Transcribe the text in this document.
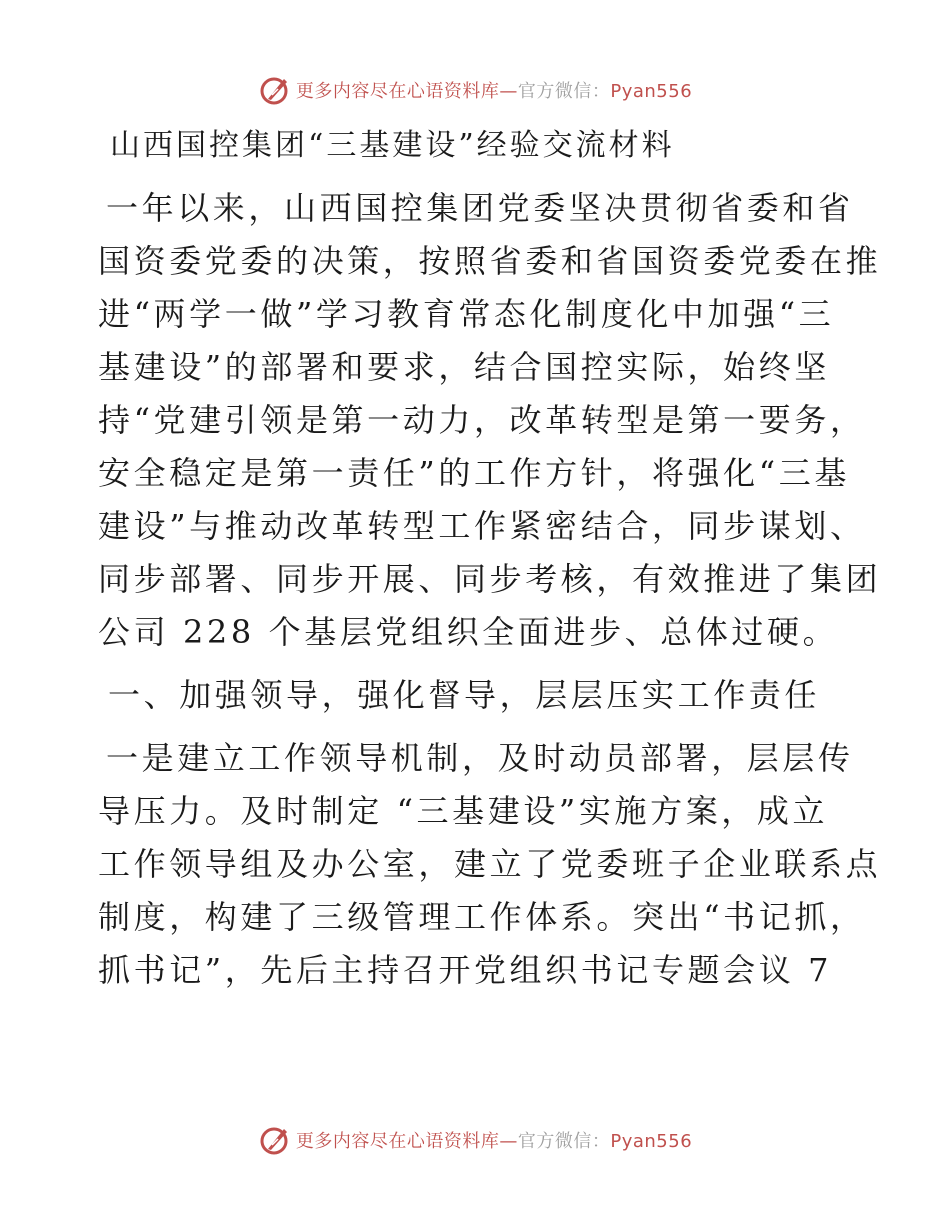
更多内容尽在心语资料库—官方微信：Pyan556
山西国控集团“三基建设”经验交流材料

一年以来，山西国控集团党委坚决贯彻省委和省
国资委党委的决策，按照省委和省国资委党委在推
进“两学一做”学习教育常态化制度化中加强“三
基建设”的部署和要求，结合国控实际，始终坚
持“党建引领是第一动力，改革转型是第一要务，
安全稳定是第一责任”的工作方针，将强化“三基
建设”与推动改革转型工作紧密结合，同步谋划、
同步部署、同步开展、同步考核，有效推进了集团
公司 228 个基层党组织全面进步、总体过硬。

一、加强领导，强化督导，层层压实工作责任

一是建立工作领导机制，及时动员部署，层层传
导压力。及时制定 “三基建设”实施方案，成立
工作领导组及办公室，建立了党委班子企业联系点
制度，构建了三级管理工作体系。突出“书记抓，
抓书记”，先后主持召开党组织书记专题会议 7

更多内容尽在心语资料库—官方微信：Pyan556
